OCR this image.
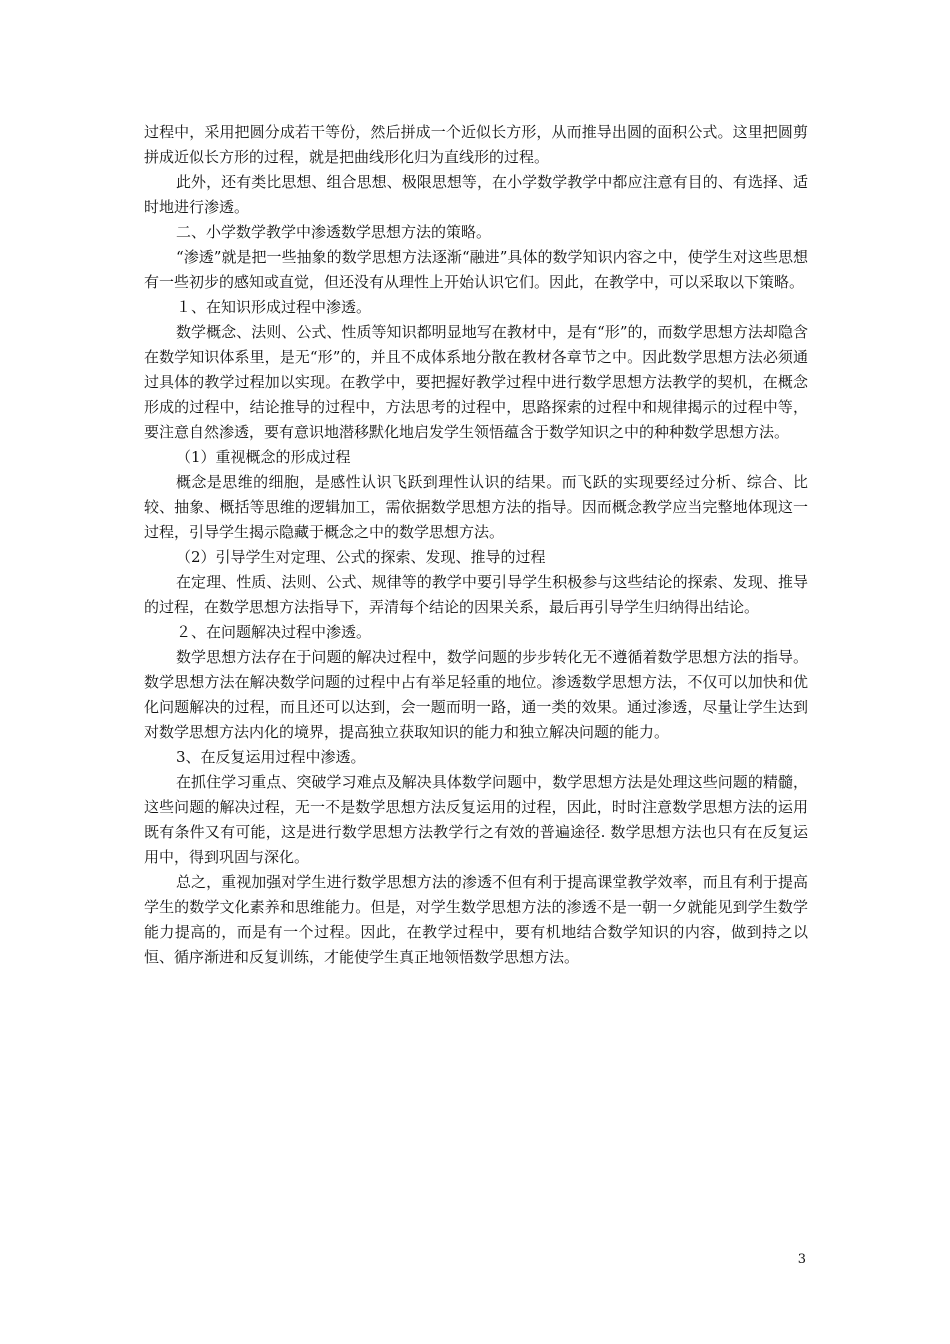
过程中，采用把圆分成若干等份，然后拼成一个近似长方形，从而推导出圆的面积公式。这里把圆剪拼成近似长方形的过程，就是把曲线形化归为直线形的过程。

此外，还有类比思想、组合思想、极限思想等，在小学数学教学中都应注意有目的、有选择、适时地进行渗透。

二、小学数学教学中渗透数学思想方法的策略。

“渗透”就是把一些抽象的数学思想方法逐渐“融进”具体的数学知识内容之中，使学生对这些思想有一些初步的感知或直觉，但还没有从理性上开始认识它们。因此，在教学中，可以采取以下策略。

１、在知识形成过程中渗透。

数学概念、法则、公式、性质等知识都明显地写在教材中，是有“形”的，而数学思想方法却隐含在数学知识体系里，是无“形”的，并且不成体系地分散在教材各章节之中。因此数学思想方法必须通过具体的教学过程加以实现。在教学中，要把握好教学过程中进行数学思想方法教学的契机，在概念形成的过程中，结论推导的过程中，方法思考的过程中，思路探索的过程中和规律揭示的过程中等，要注意自然渗透，要有意识地潜移默化地启发学生领悟蕴含于数学知识之中的种种数学思想方法。

（1）重视概念的形成过程

概念是思维的细胞，是感性认识飞跃到理性认识的结果。而飞跃的实现要经过分析、综合、比较、抽象、概括等思维的逻辑加工，需依据数学思想方法的指导。因而概念教学应当完整地体现这一过程，引导学生揭示隐藏于概念之中的数学思想方法。

（2）引导学生对定理、公式的探索、发现、推导的过程

在定理、性质、法则、公式、规律等的教学中要引导学生积极参与这些结论的探索、发现、推导的过程，在数学思想方法指导下，弄清每个结论的因果关系，最后再引导学生归纳得出结论。

２、在问题解决过程中渗透。

数学思想方法存在于问题的解决过程中，数学问题的步步转化无不遵循着数学思想方法的指导。数学思想方法在解决数学问题的过程中占有举足轻重的地位。渗透数学思想方法，不仅可以加快和优化问题解决的过程，而且还可以达到，会一题而明一路，通一类的效果。通过渗透，尽量让学生达到对数学思想方法内化的境界，提高独立获取知识的能力和独立解决问题的能力。

3、在反复运用过程中渗透。

在抓住学习重点、突破学习难点及解决具体数学问题中，数学思想方法是处理这些问题的精髓，这些问题的解决过程，无一不是数学思想方法反复运用的过程，因此，时时注意数学思想方法的运用既有条件又有可能，这是进行数学思想方法教学行之有效的普遍途径. 数学思想方法也只有在反复运用中，得到巩固与深化。

总之，重视加强对学生进行数学思想方法的渗透不但有利于提高课堂教学效率，而且有利于提高学生的数学文化素养和思维能力。但是，对学生数学思想方法的渗透不是一朝一夕就能见到学生数学能力提高的，而是有一个过程。因此，在教学过程中，要有机地结合数学知识的内容，做到持之以恒、循序渐进和反复训练，才能使学生真正地领悟数学思想方法。

3
